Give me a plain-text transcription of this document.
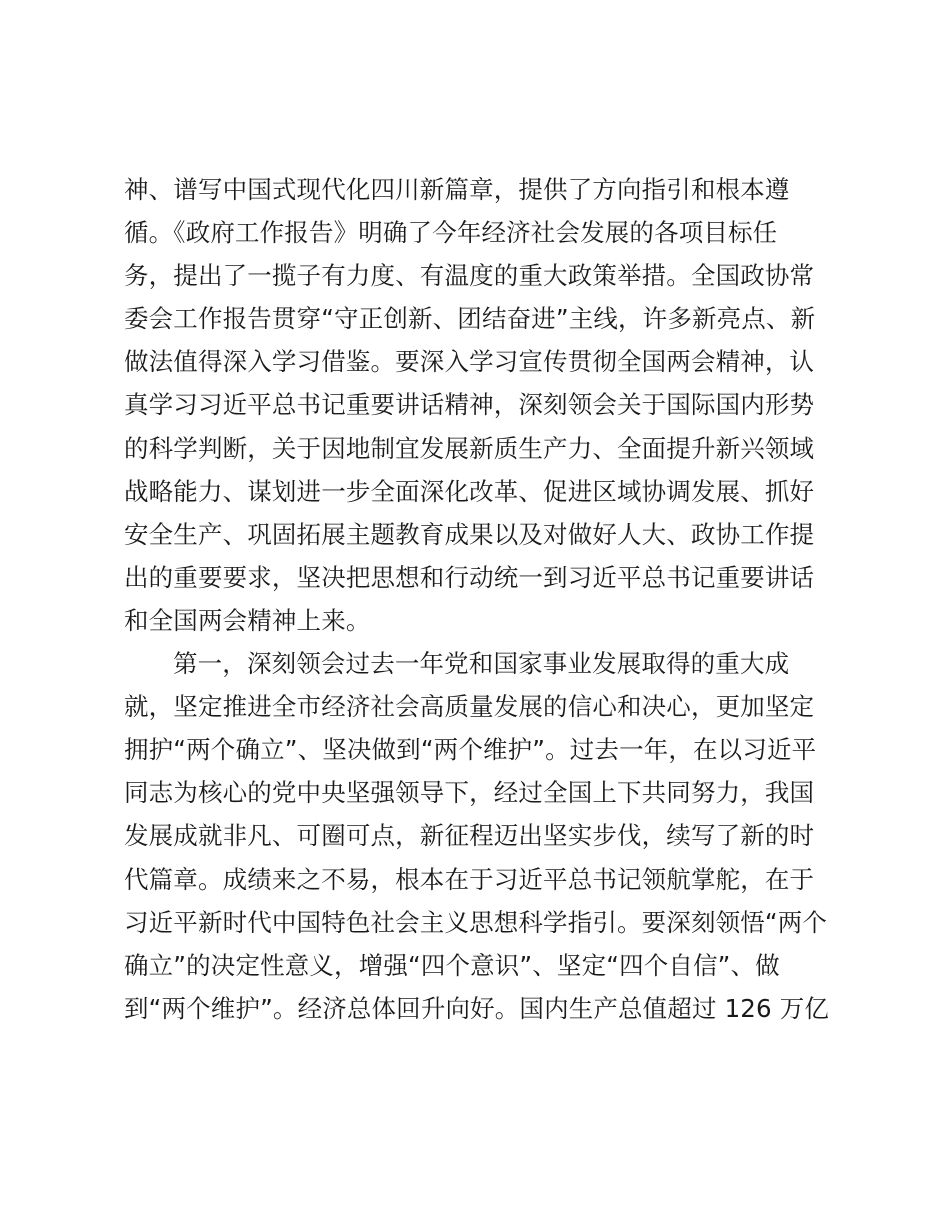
神、谱写中国式现代化四川新篇章，提供了方向指引和根本遵
循。《政府工作报告》明确了今年经济社会发展的各项目标任
务，提出了一揽子有力度、有温度的重大政策举措。全国政协常
委会工作报告贯穿“守正创新、团结奋进”主线，许多新亮点、新
做法值得深入学习借鉴。要深入学习宣传贯彻全国两会精神，认
真学习习近平总书记重要讲话精神，深刻领会关于国际国内形势
的科学判断，关于因地制宜发展新质生产力、全面提升新兴领域
战略能力、谋划进一步全面深化改革、促进区域协调发展、抓好
安全生产、巩固拓展主题教育成果以及对做好人大、政协工作提
出的重要要求，坚决把思想和行动统一到习近平总书记重要讲话
和全国两会精神上来。
第一，深刻领会过去一年党和国家事业发展取得的重大成
就，坚定推进全市经济社会高质量发展的信心和决心，更加坚定
拥护“两个确立”、坚决做到“两个维护”。过去一年，在以习近平
同志为核心的党中央坚强领导下，经过全国上下共同努力，我国
发展成就非凡、可圈可点，新征程迈出坚实步伐，续写了新的时
代篇章。成绩来之不易，根本在于习近平总书记领航掌舵，在于
习近平新时代中国特色社会主义思想科学指引。要深刻领悟“两个
确立”的决定性意义，增强“四个意识”、坚定“四个自信”、做
到“两个维护”。经济总体回升向好。国内生产总值超过 126 万亿
